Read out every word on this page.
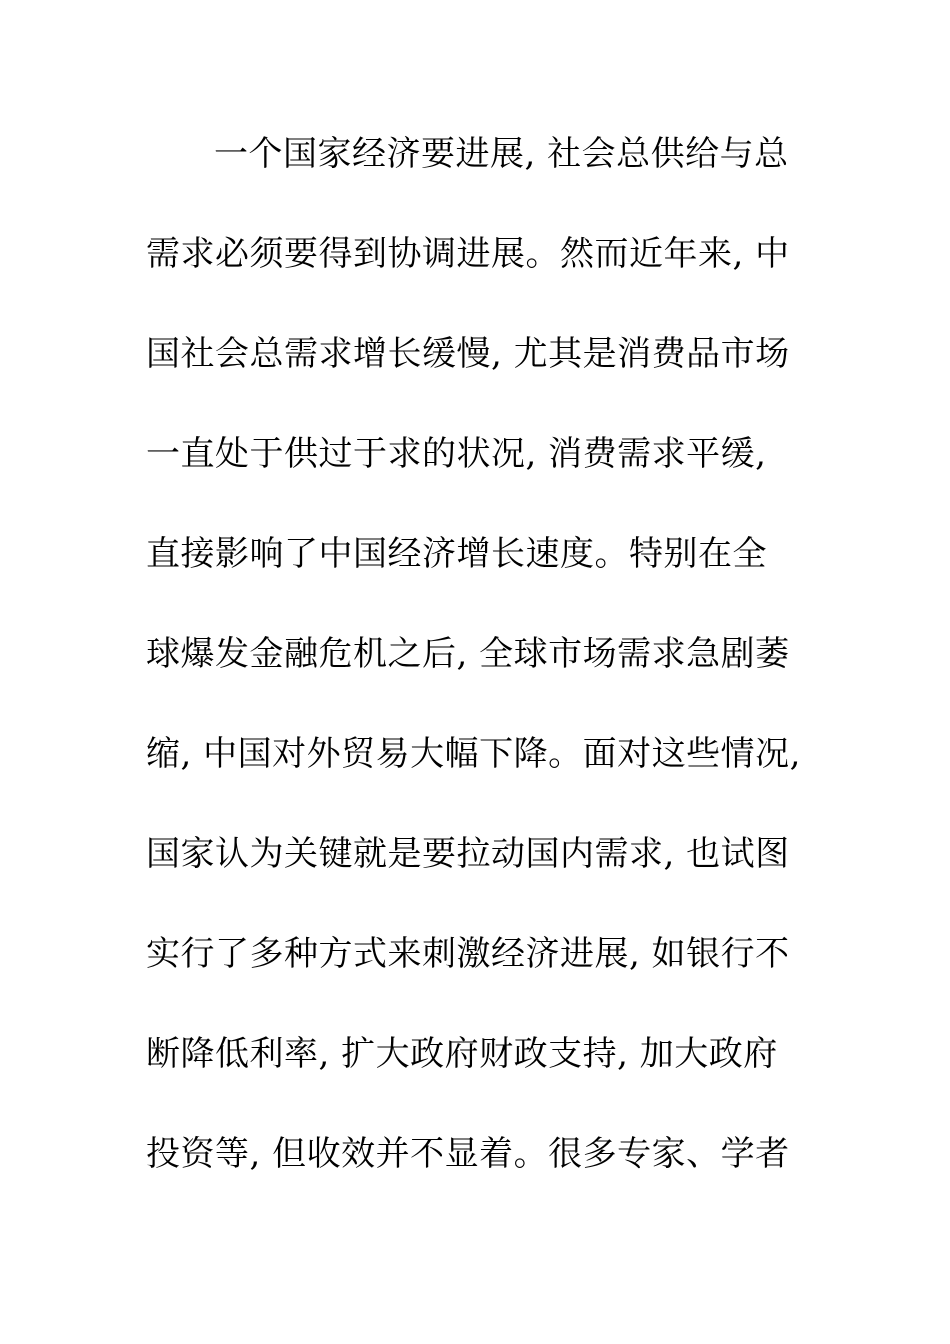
一个国家经济要进展, 社会总供给与总
需求必须要得到协调进展。然而近年来, 中
国社会总需求增长缓慢, 尤其是消费品市场
一直处于供过于求的状况, 消费需求平缓,
直接影响了中国经济增长速度。特别在全
球爆发金融危机之后, 全球市场需求急剧萎
缩, 中国对外贸易大幅下降。面对这些情况,
国家认为关键就是要拉动国内需求, 也试图
实行了多种方式来刺激经济进展, 如银行不
断降低利率, 扩大政府财政支持, 加大政府
投资等, 但收效并不显着。很多专家、学者
